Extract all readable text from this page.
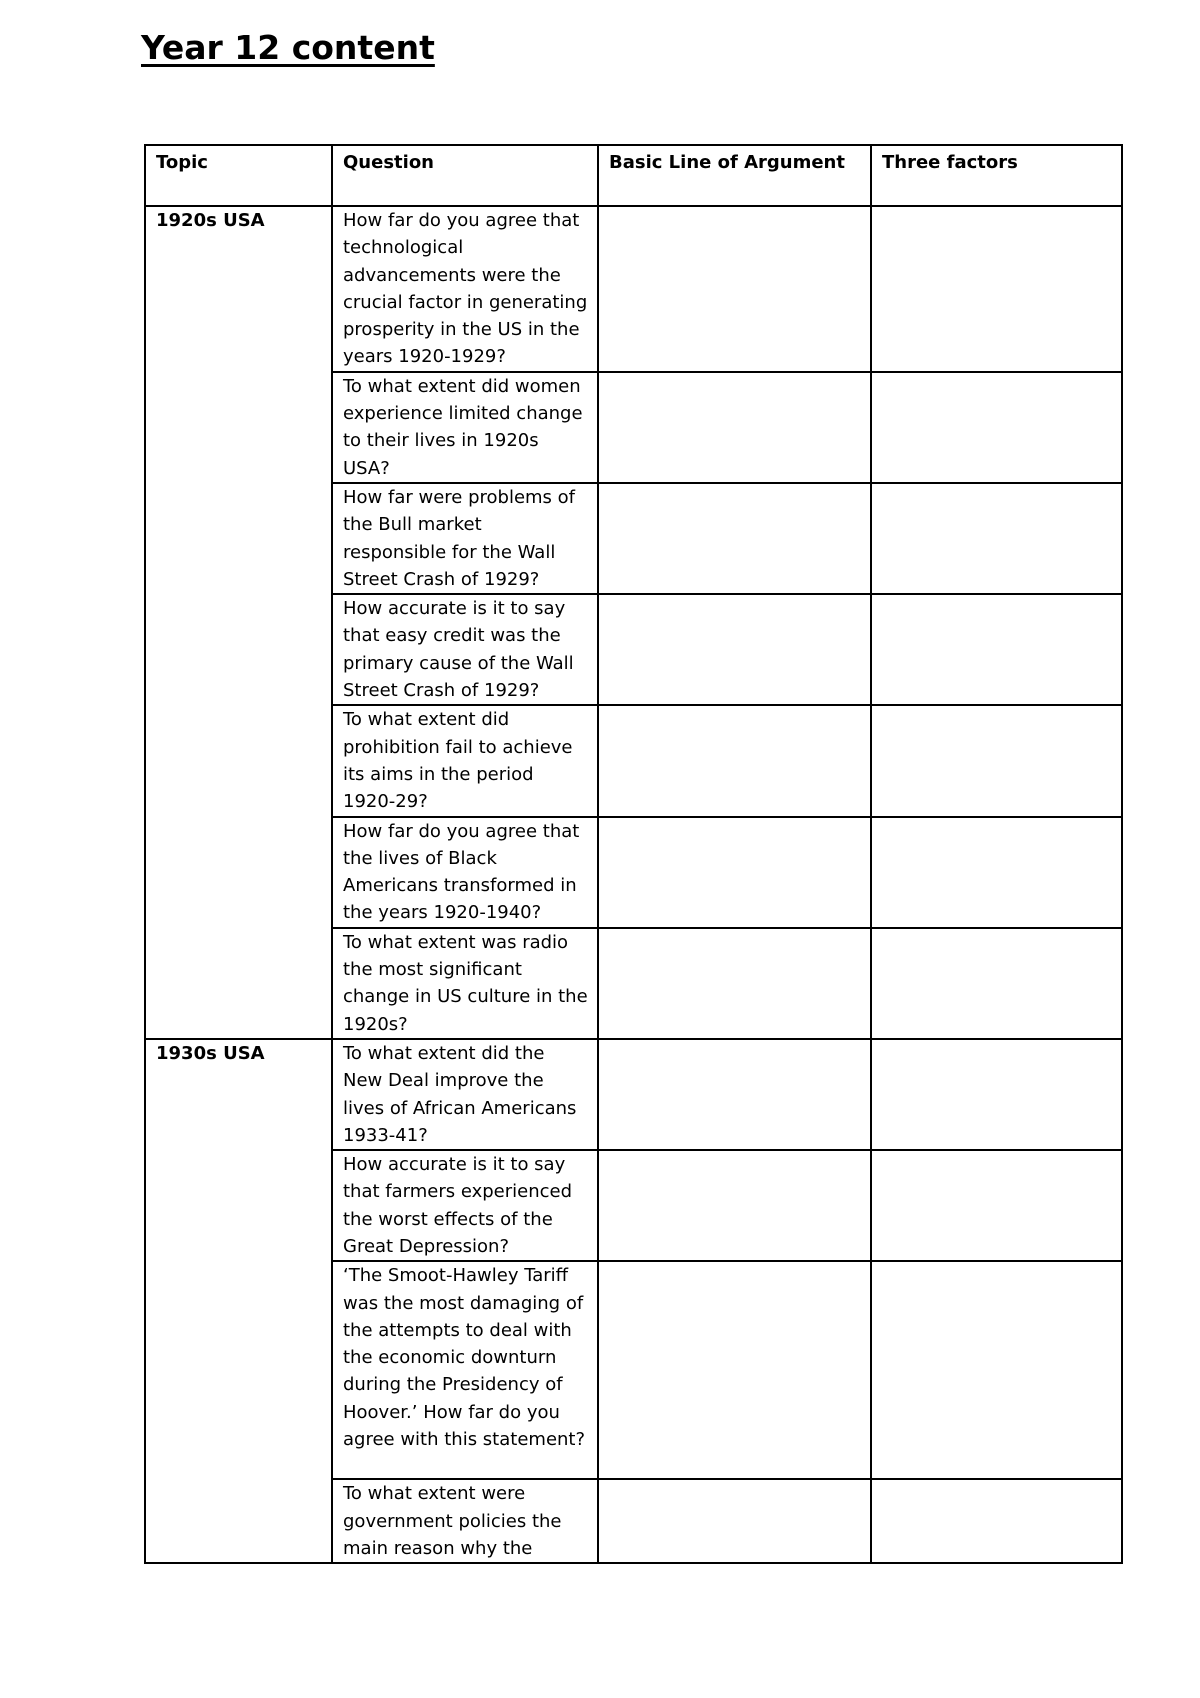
Year 12 content
Topic	Question	Basic Line of Argument	Three factors
1920s USA	How far do you agree that technological advancements were the crucial factor in generating prosperity in the US in the years 1920-1929?		
	To what extent did women experience limited change to their lives in 1920s USA?		
	How far were problems of the Bull market responsible for the Wall Street Crash of 1929?		
	How accurate is it to say that easy credit was the primary cause of the Wall Street Crash of 1929?		
	To what extent did prohibition fail to achieve its aims in the period 1920-29?		
	How far do you agree that the lives of Black Americans transformed in the years 1920-1940?		
	To what extent was radio the most significant change in US culture in the 1920s?		
1930s USA	To what extent did the New Deal improve the lives of African Americans 1933-41?		
	How accurate is it to say that farmers experienced the worst effects of the Great Depression?		
	‘The Smoot-Hawley Tariff was the most damaging of the attempts to deal with the economic downturn during the Presidency of Hoover.’ How far do you agree with this statement?		
	To what extent were government policies the main reason why the		
